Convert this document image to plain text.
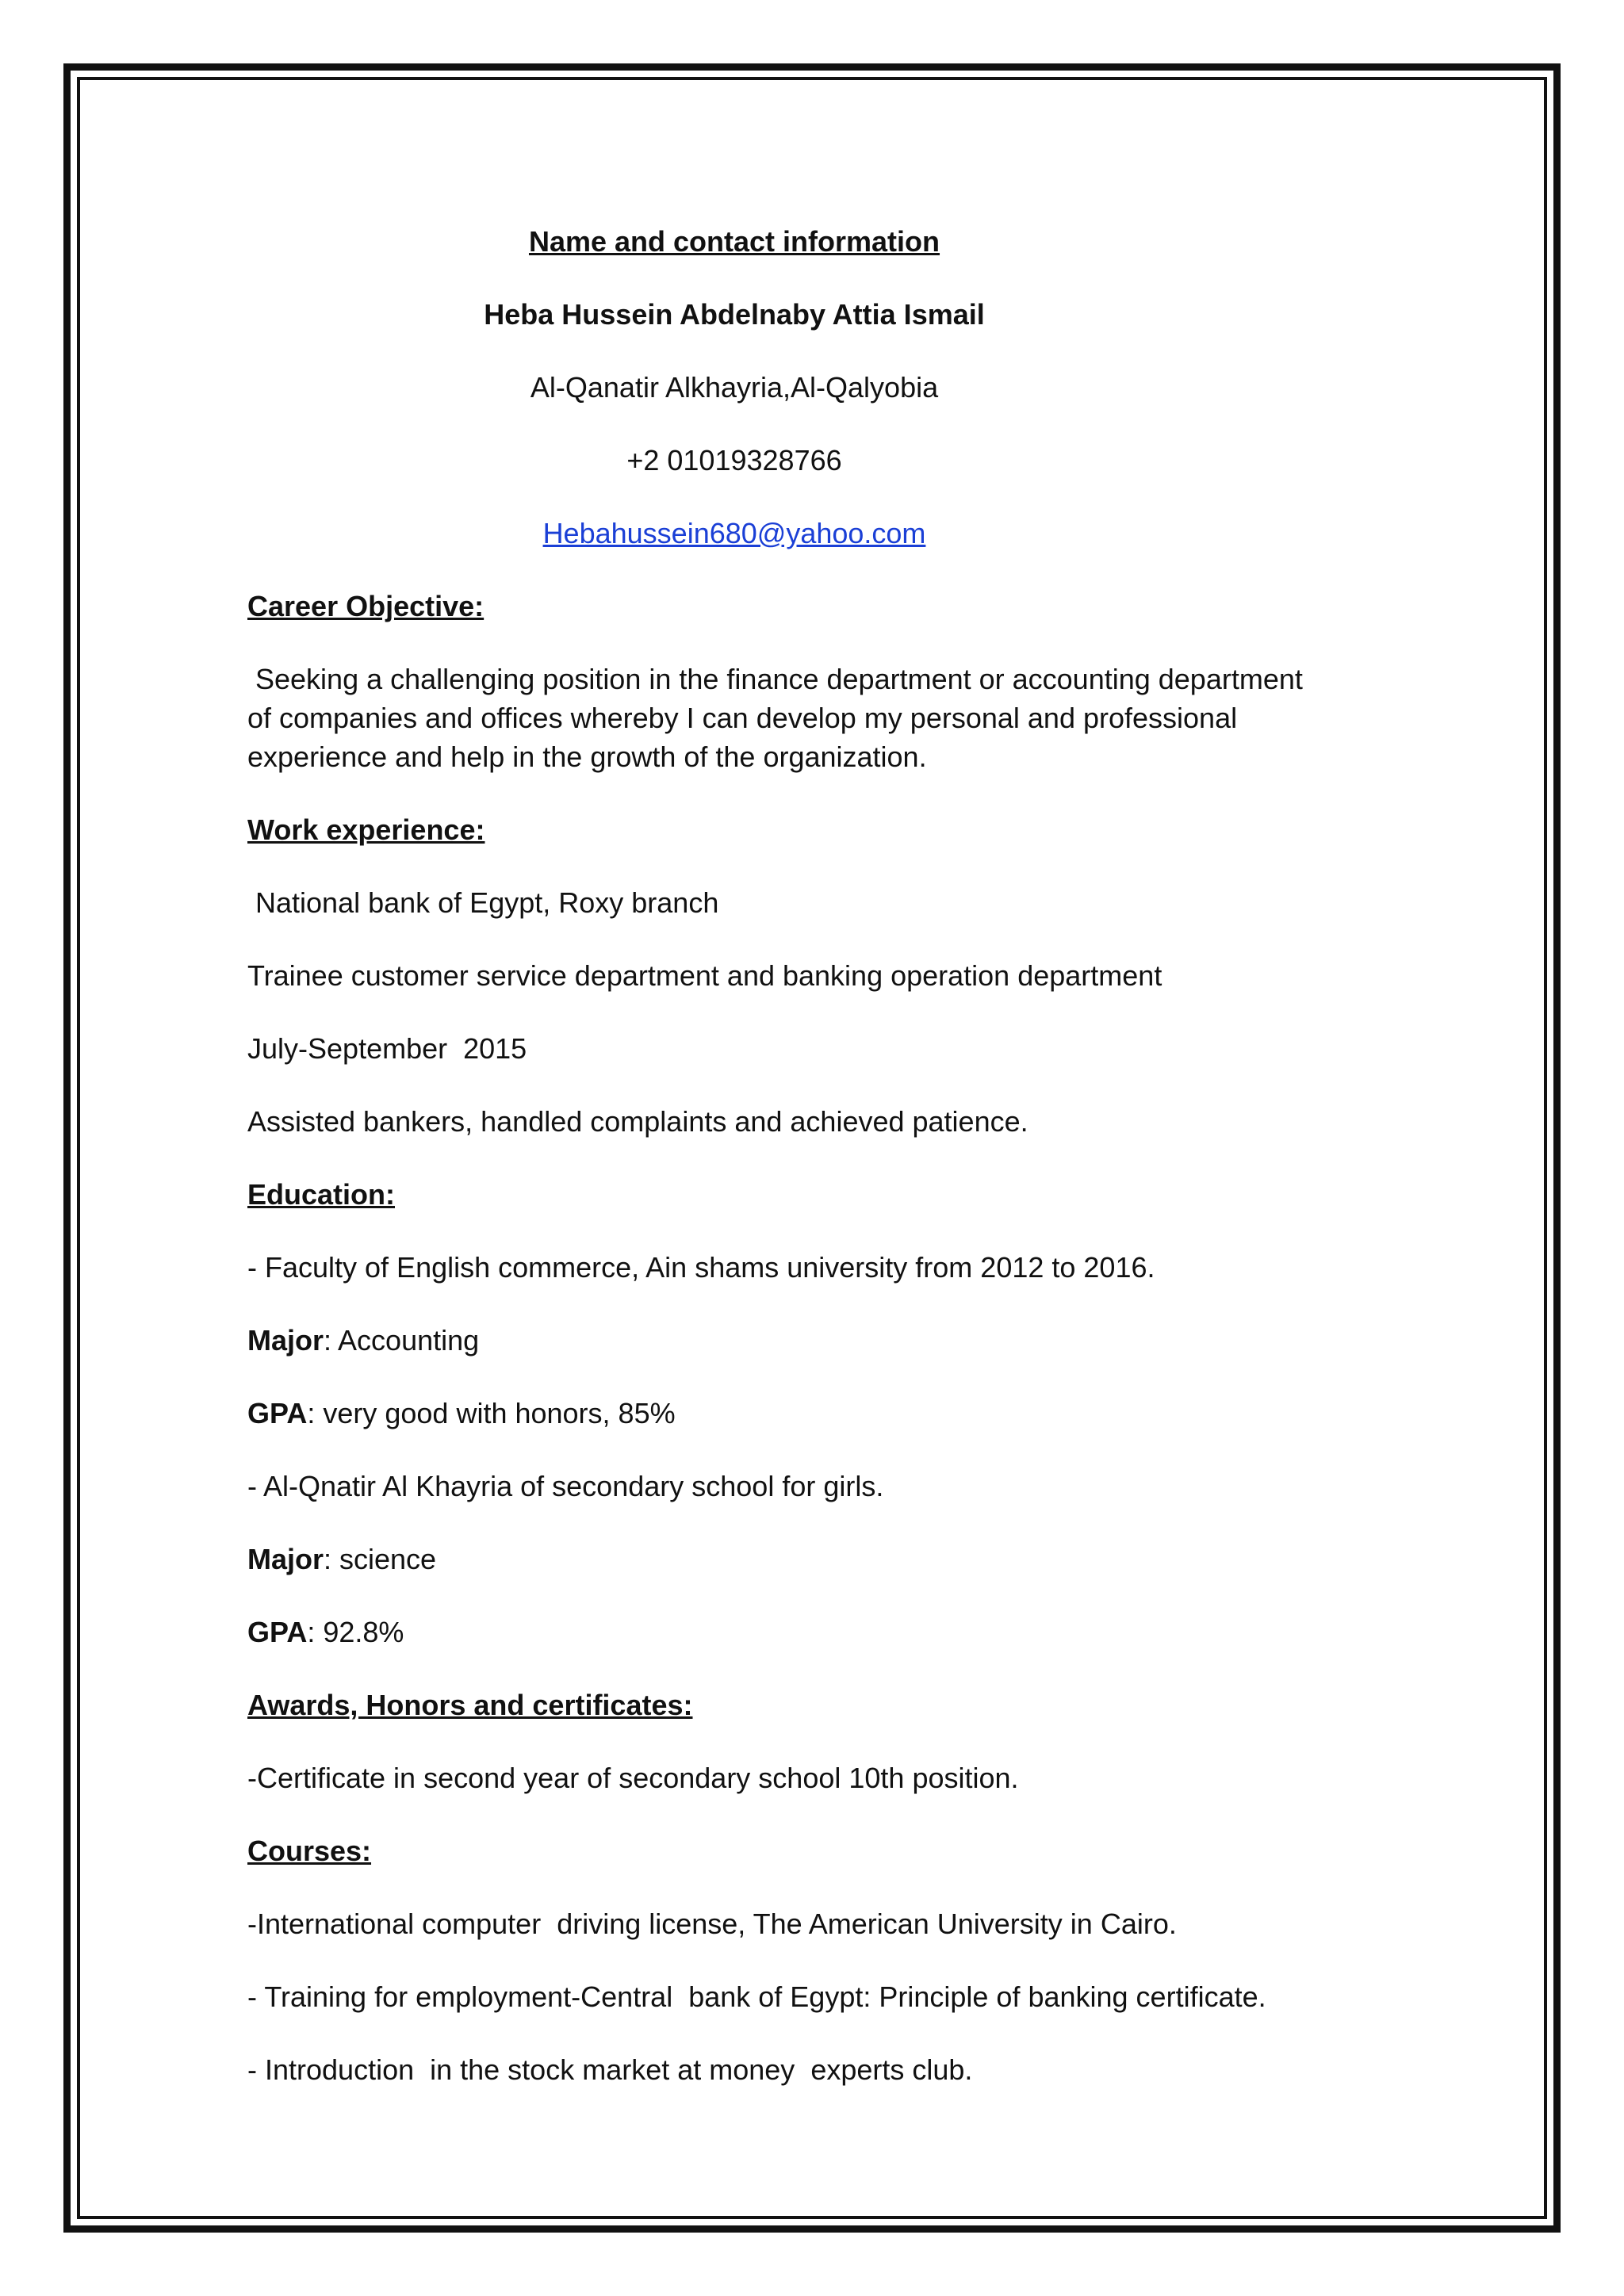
Name and contact information
Heba Hussein Abdelnaby Attia Ismail
Al-Qanatir Alkhayria,Al-Qalyobia
+2 01019328766
Hebahussein680@yahoo.com
Career Objective:
Seeking a challenging position in the finance department or accounting department
of companies and offices whereby I can develop my personal and professional
experience and help in the growth of the organization.
Work experience:
National bank of Egypt, Roxy branch
Trainee customer service department and banking operation department
July-September  2015
Assisted bankers, handled complaints and achieved patience.
Education:
- Faculty of English commerce, Ain shams university from 2012 to 2016.
Major: Accounting
GPA: very good with honors, 85%
- Al-Qnatir Al Khayria of secondary school for girls.
Major: science
GPA: 92.8%
Awards, Honors and certificates:
-Certificate in second year of secondary school 10th position.
Courses:
-International computer  driving license, The American University in Cairo.
- Training for employment-Central  bank of Egypt: Principle of banking certificate.
- Introduction  in the stock market at money  experts club.
